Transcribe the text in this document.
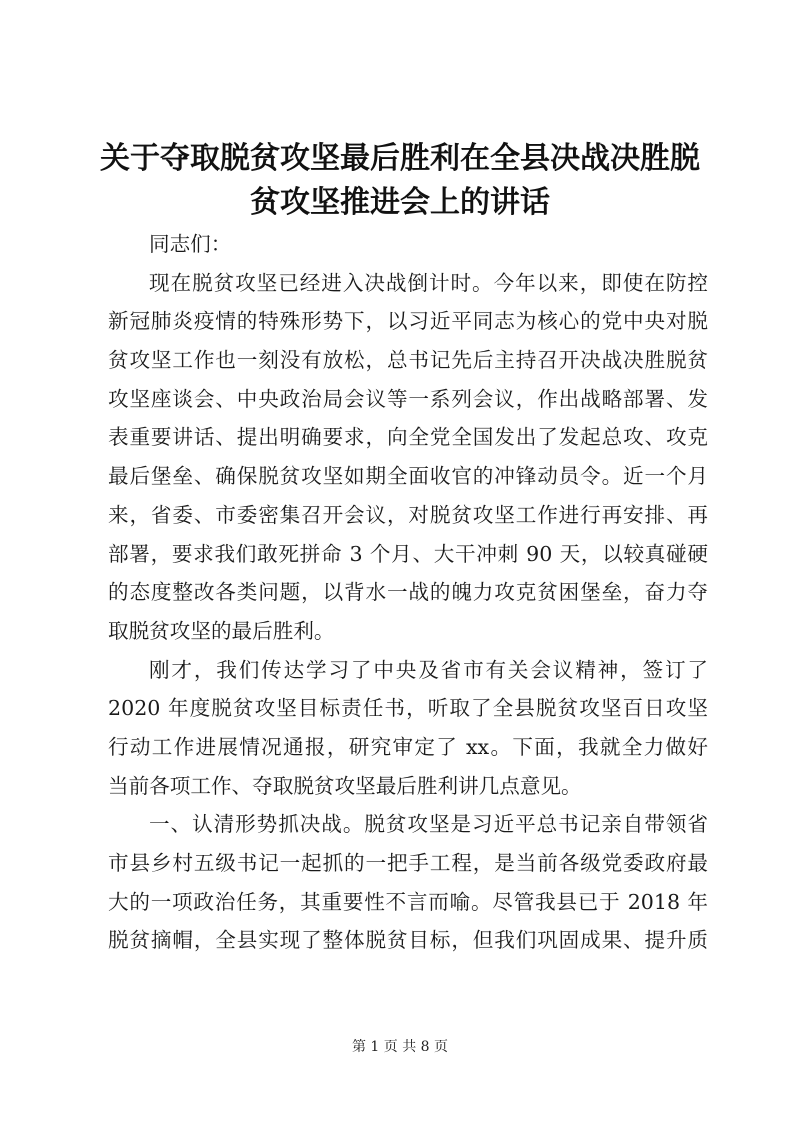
关于夺取脱贫攻坚最后胜利在全县决战决胜脱
贫攻坚推进会上的讲话
同志们：
现在脱贫攻坚已经进入决战倒计时。今年以来，即使在防控
新冠肺炎疫情的特殊形势下，以习近平同志为核心的党中央对脱
贫攻坚工作也一刻没有放松，总书记先后主持召开决战决胜脱贫
攻坚座谈会、中央政治局会议等一系列会议，作出战略部署、发
表重要讲话、提出明确要求，向全党全国发出了发起总攻、攻克
最后堡垒、确保脱贫攻坚如期全面收官的冲锋动员令。近一个月
来，省委、市委密集召开会议，对脱贫攻坚工作进行再安排、再
部署，要求我们敢死拼命 3 个月、大干冲刺 90 天，以较真碰硬
的态度整改各类问题，以背水一战的魄力攻克贫困堡垒，奋力夺
取脱贫攻坚的最后胜利。
刚才，我们传达学习了中央及省市有关会议精神，签订了
2020 年度脱贫攻坚目标责任书，听取了全县脱贫攻坚百日攻坚
行动工作进展情况通报，研究审定了 xx。下面，我就全力做好
当前各项工作、夺取脱贫攻坚最后胜利讲几点意见。
一、认清形势抓决战。脱贫攻坚是习近平总书记亲自带领省
市县乡村五级书记一起抓的一把手工程，是当前各级党委政府最
大的一项政治任务，其重要性不言而喻。尽管我县已于 2018 年
脱贫摘帽，全县实现了整体脱贫目标，但我们巩固成果、提升质
第 1 页 共 8 页
